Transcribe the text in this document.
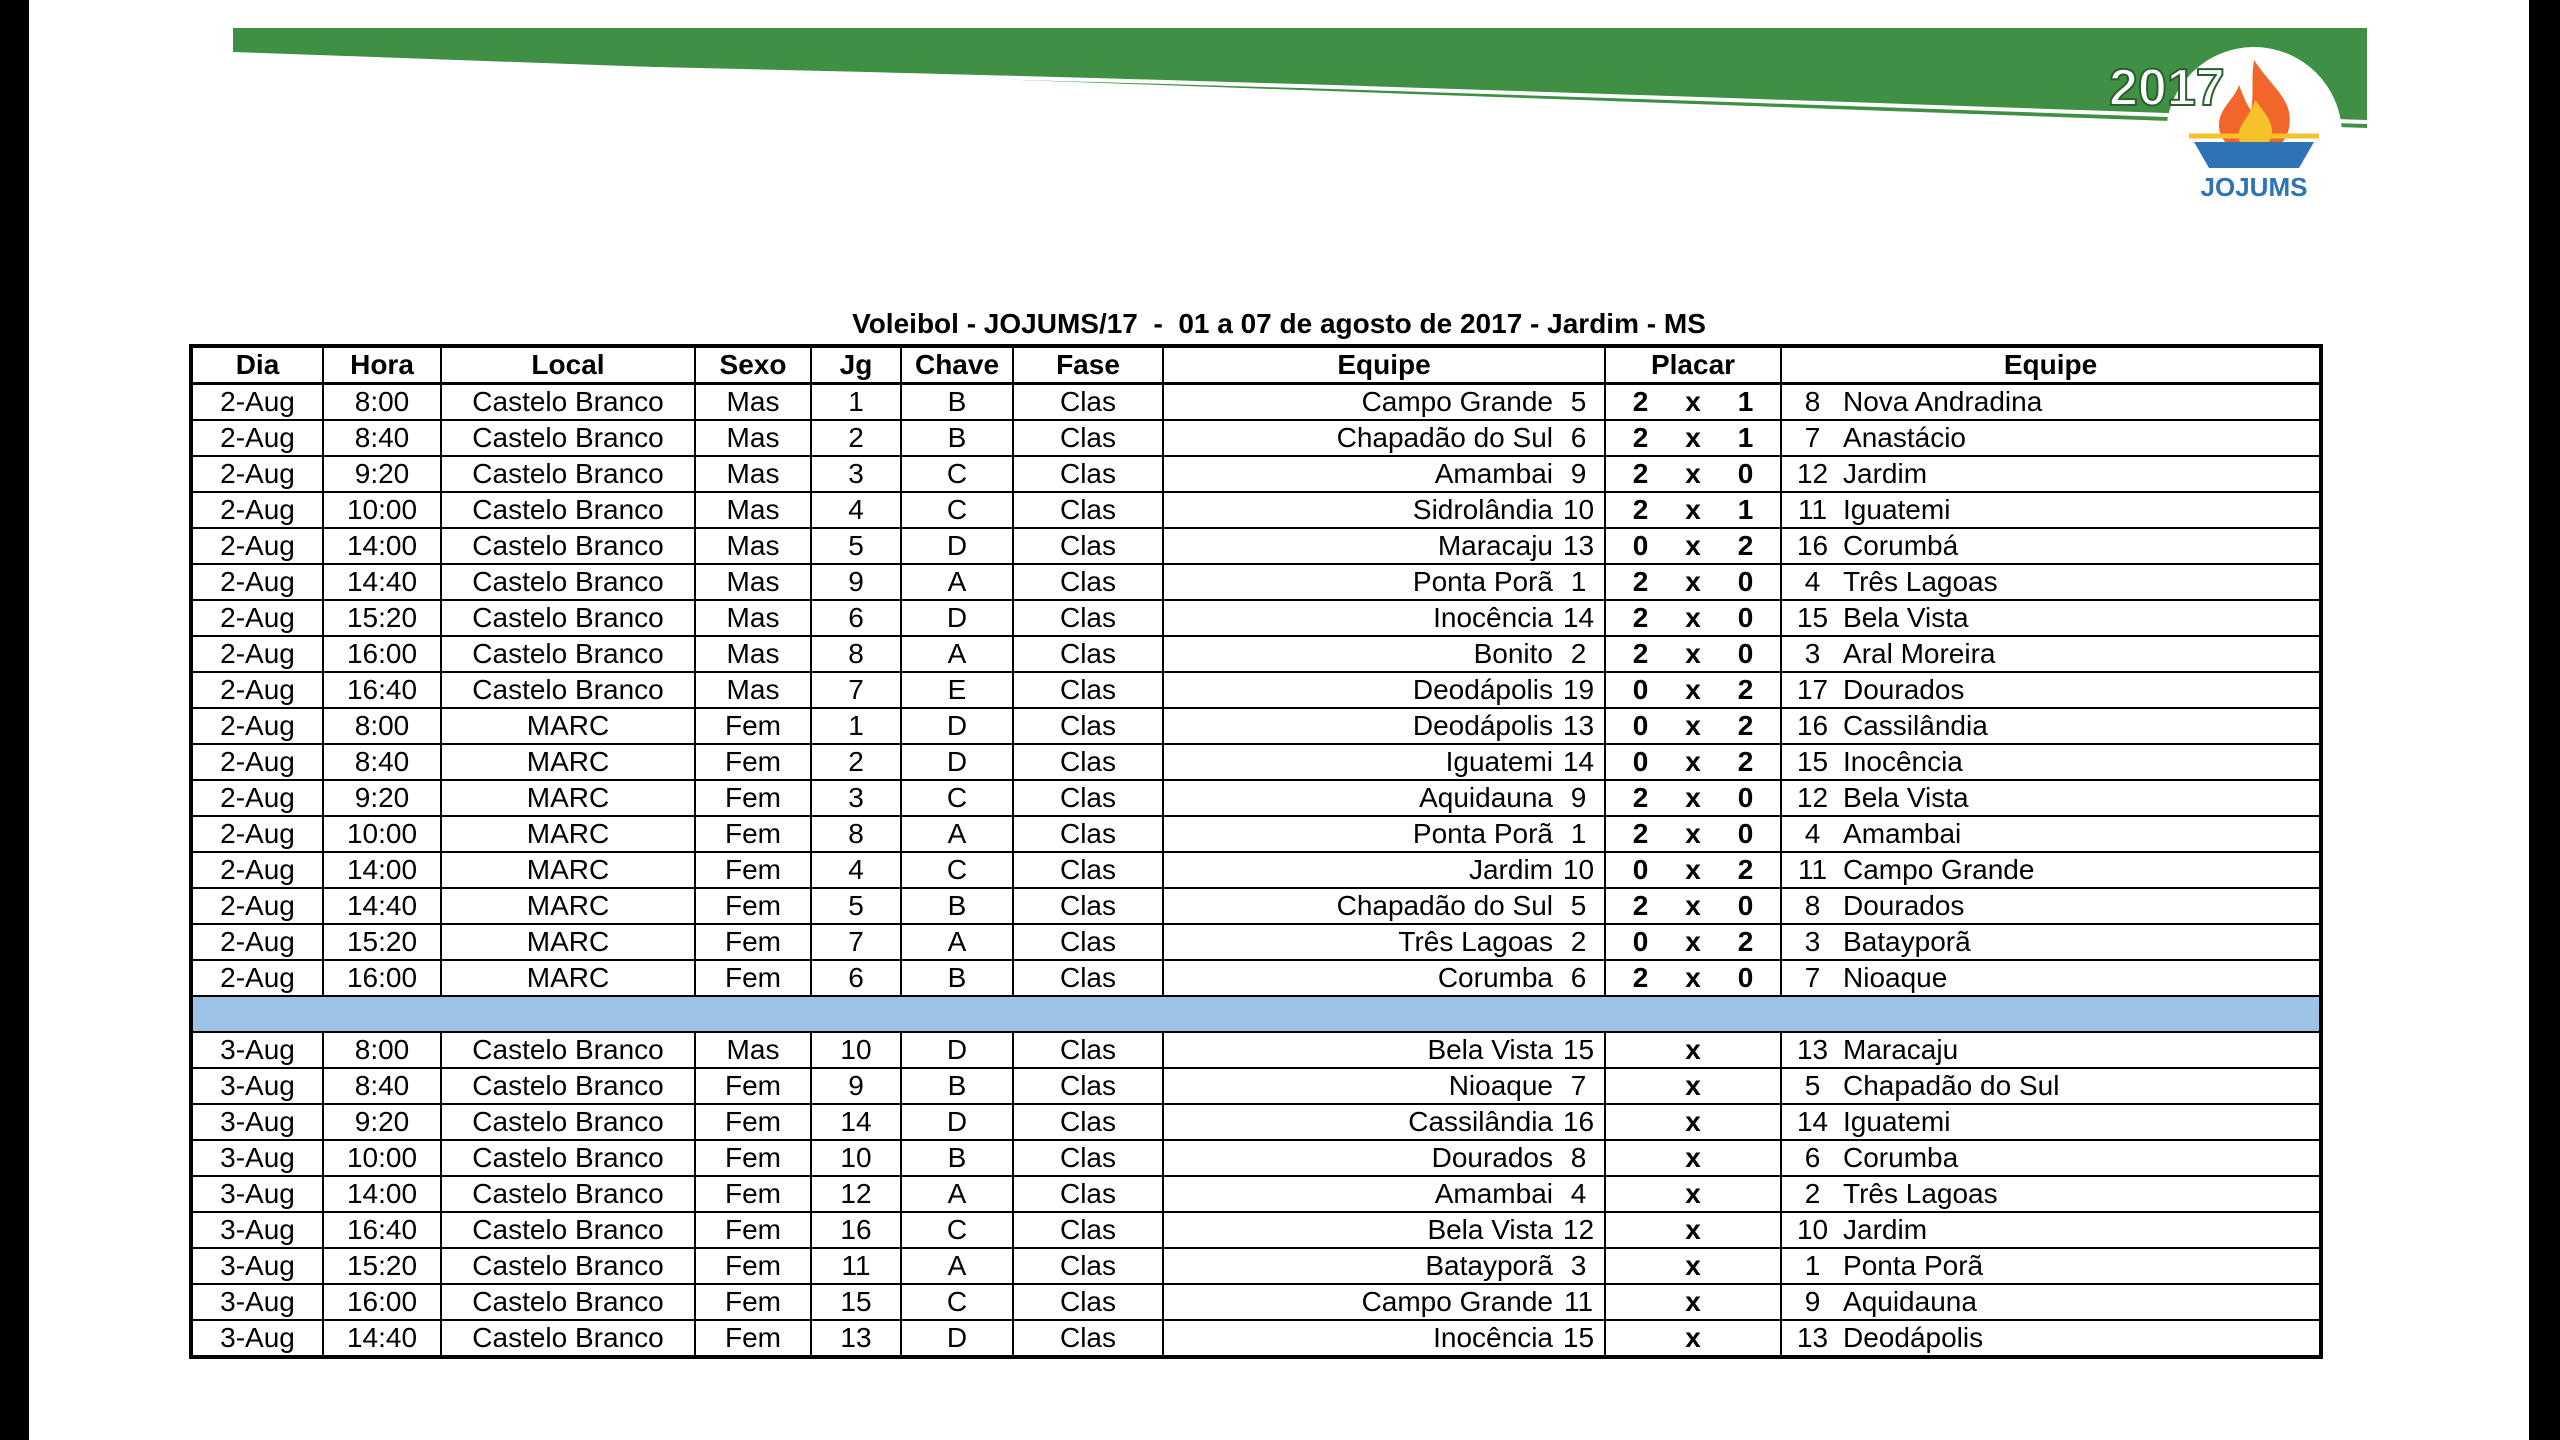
2017
JOJUMS
Voleibol - JOJUMS/17  -  01 a 07 de agosto de 2017 - Jardim - MS
Dia	Hora	Local	Sexo	Jg	Chave	Fase	Equipe		Placar			Equipe	
2-Aug	8:00	Castelo Branco	Mas	1	B	Clas	Campo Grande	5	2	x	1	8	Nova Andradina
2-Aug	8:40	Castelo Branco	Mas	2	B	Clas	Chapadão do Sul	6	2	x	1	7	Anastácio
2-Aug	9:20	Castelo Branco	Mas	3	C	Clas	Amambai	9	2	x	0	12	Jardim
2-Aug	10:00	Castelo Branco	Mas	4	C	Clas	Sidrolândia	10	2	x	1	11	Iguatemi
2-Aug	14:00	Castelo Branco	Mas	5	D	Clas	Maracaju	13	0	x	2	16	Corumbá
2-Aug	14:40	Castelo Branco	Mas	9	A	Clas	Ponta Porã	1	2	x	0	4	Três Lagoas
2-Aug	15:20	Castelo Branco	Mas	6	D	Clas	Inocência	14	2	x	0	15	Bela Vista
2-Aug	16:00	Castelo Branco	Mas	8	A	Clas	Bonito	2	2	x	0	3	Aral Moreira
2-Aug	16:40	Castelo Branco	Mas	7	E	Clas	Deodápolis	19	0	x	2	17	Dourados
2-Aug	8:00	MARC	Fem	1	D	Clas	Deodápolis	13	0	x	2	16	Cassilândia
2-Aug	8:40	MARC	Fem	2	D	Clas	Iguatemi	14	0	x	2	15	Inocência
2-Aug	9:20	MARC	Fem	3	C	Clas	Aquidauna	9	2	x	0	12	Bela Vista
2-Aug	10:00	MARC	Fem	8	A	Clas	Ponta Porã	1	2	x	0	4	Amambai
2-Aug	14:00	MARC	Fem	4	C	Clas	Jardim	10	0	x	2	11	Campo Grande
2-Aug	14:40	MARC	Fem	5	B	Clas	Chapadão do Sul	5	2	x	0	8	Dourados
2-Aug	15:20	MARC	Fem	7	A	Clas	Três Lagoas	2	0	x	2	3	Batayporã
2-Aug	16:00	MARC	Fem	6	B	Clas	Corumba	6	2	x	0	7	Nioaque

3-Aug	8:00	Castelo Branco	Mas	10	D	Clas	Bela Vista	15		x		13	Maracaju
3-Aug	8:40	Castelo Branco	Fem	9	B	Clas	Nioaque	7		x		5	Chapadão do Sul
3-Aug	9:20	Castelo Branco	Fem	14	D	Clas	Cassilândia	16		x		14	Iguatemi
3-Aug	10:00	Castelo Branco	Fem	10	B	Clas	Dourados	8		x		6	Corumba
3-Aug	14:00	Castelo Branco	Fem	12	A	Clas	Amambai	4		x		2	Três Lagoas
3-Aug	16:40	Castelo Branco	Fem	16	C	Clas	Bela Vista	12		x		10	Jardim
3-Aug	15:20	Castelo Branco	Fem	11	A	Clas	Batayporã	3		x		1	Ponta Porã
3-Aug	16:00	Castelo Branco	Fem	15	C	Clas	Campo Grande	11		x		9	Aquidauna
3-Aug	14:40	Castelo Branco	Fem	13	D	Clas	Inocência	15		x		13	Deodápolis
